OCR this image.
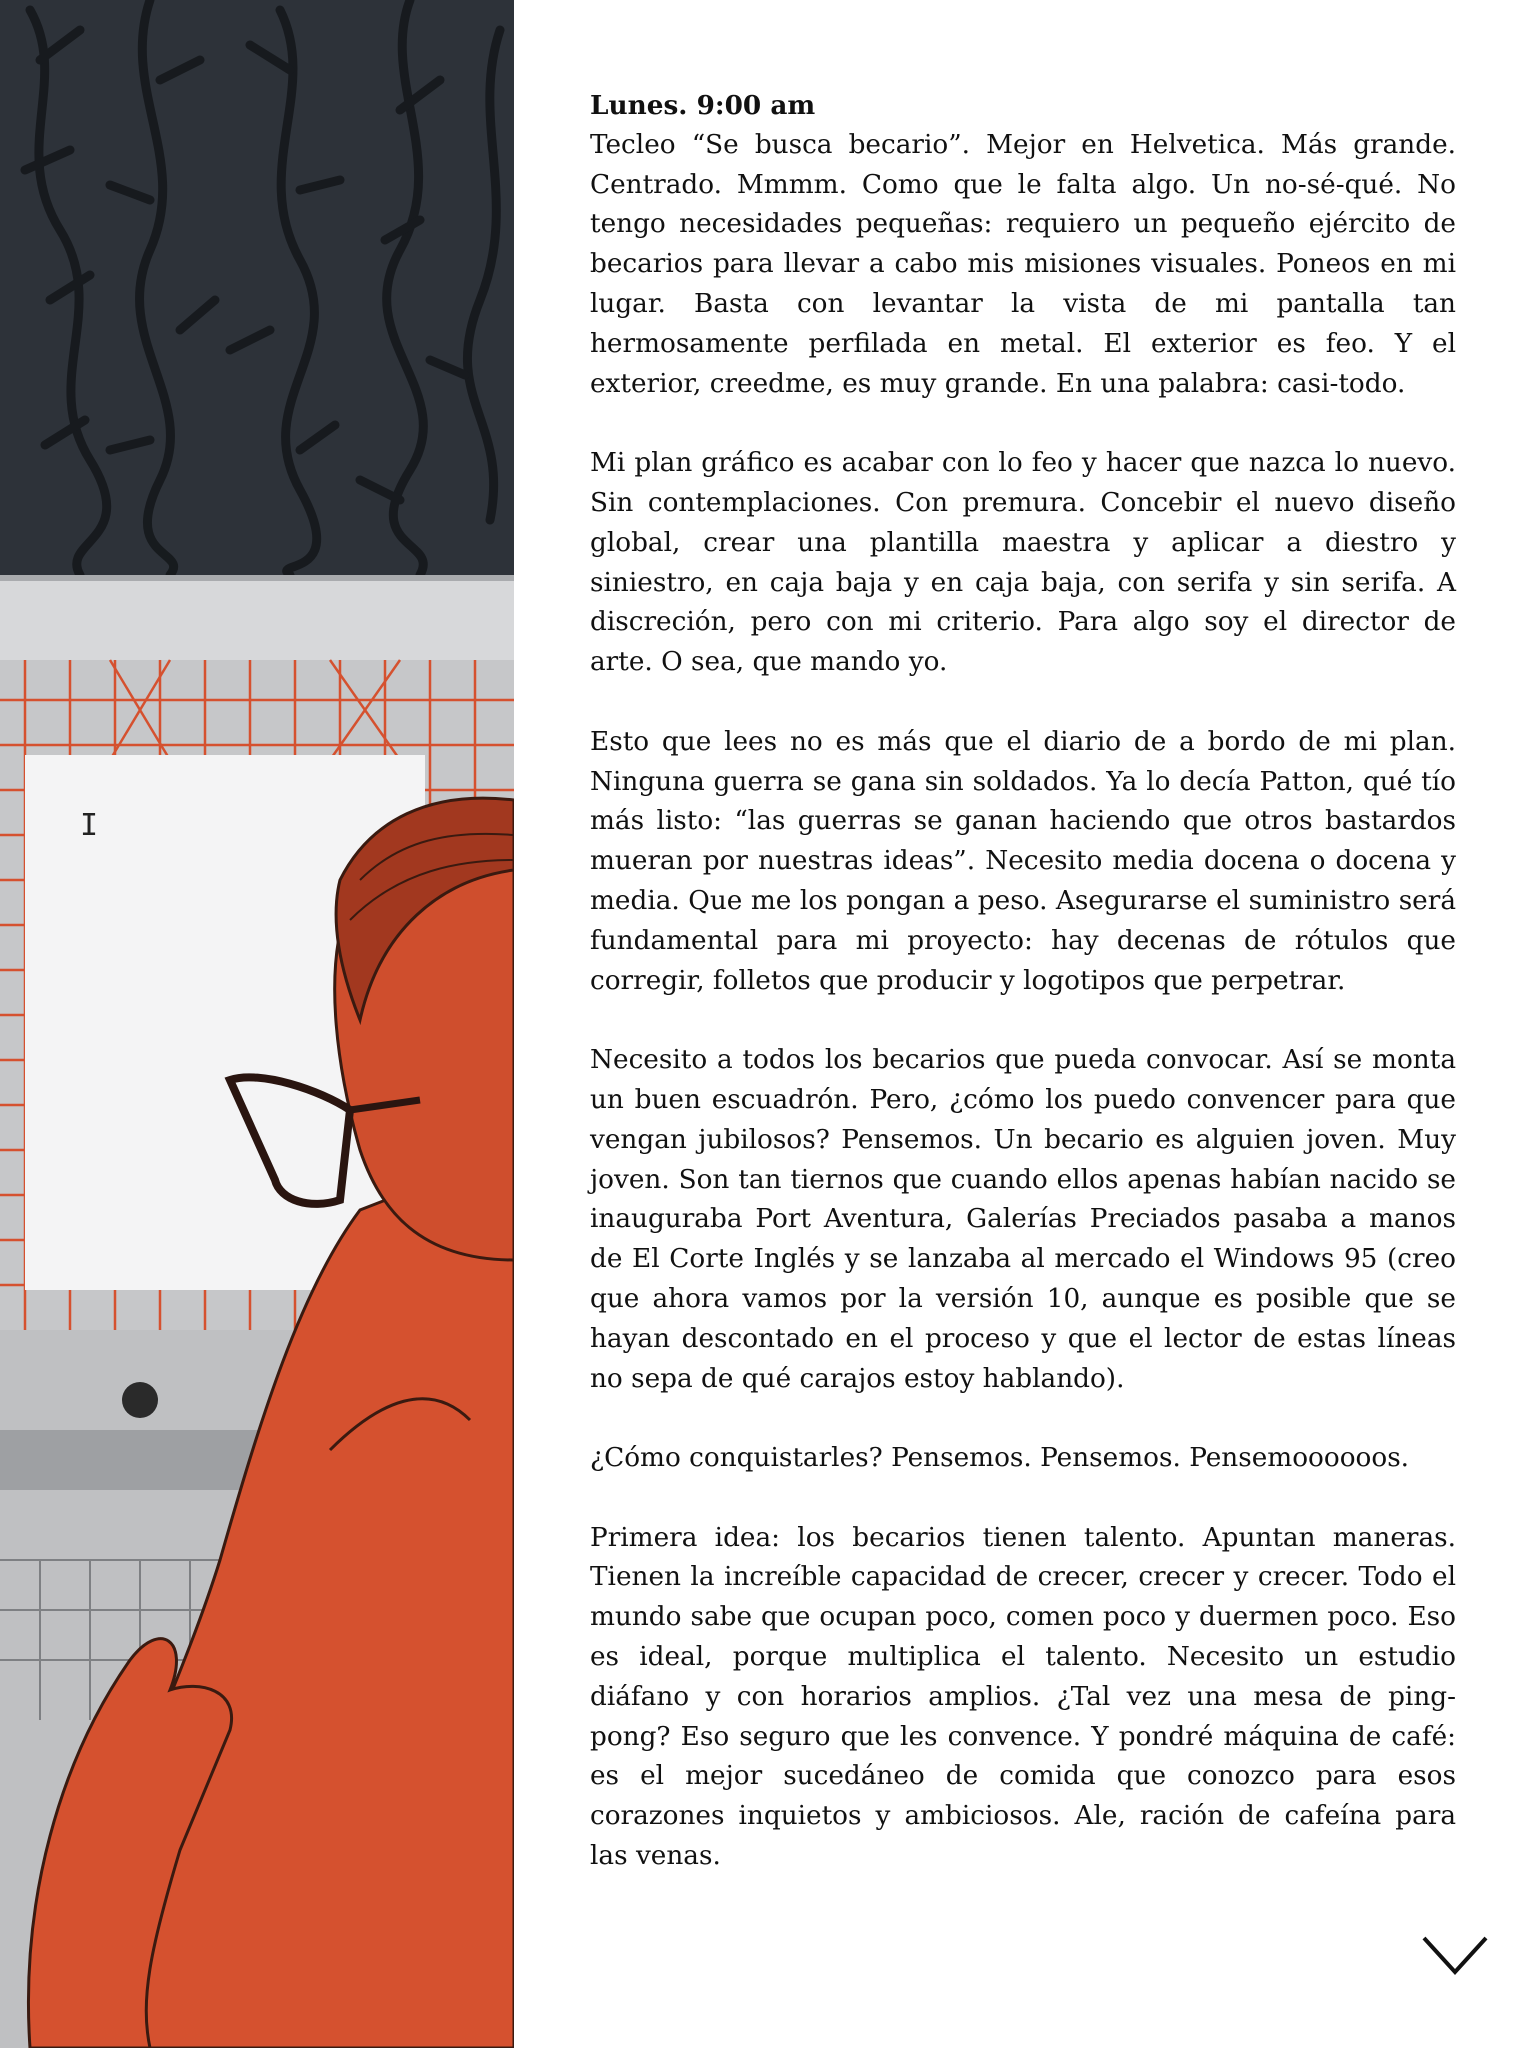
I

Lunes. 9:00 am
Tecleo “Se busca becario”. Mejor en Helvetica. Más grande. Centrado. Mmmm. Como que le falta algo. Un no-sé-qué. No tengo necesidades pequeñas: requiero un pequeño ejército de becarios para llevar a cabo mis misiones visuales. Poneos en mi lugar. Basta con levantar la vista de mi pantalla tan hermosamente perfilada en metal. El exterior es feo. Y el exterior, creedme, es muy grande. En una palabra: casi-todo.

Mi plan gráfico es acabar con lo feo y hacer que nazca lo nuevo. Sin contemplaciones. Con premura. Concebir el nuevo diseño global, crear una plantilla maestra y aplicar a diestro y siniestro, en caja baja y en caja baja, con serifa y sin serifa. A discreción, pero con mi criterio. Para algo soy el director de arte. O sea, que mando yo.

Esto que lees no es más que el diario de a bordo de mi plan. Ninguna guerra se gana sin soldados. Ya lo decía Patton, qué tío más listo: “las guerras se ganan haciendo que otros bastardos mueran por nuestras ideas”. Necesito media docena o docena y media. Que me los pongan a peso. Asegurarse el suministro será fundamental para mi proyecto: hay decenas de rótulos que corregir, folletos que producir y logotipos que perpetrar.

Necesito a todos los becarios que pueda convocar. Así se monta un buen escuadrón. Pero, ¿cómo los puedo convencer para que vengan jubilosos? Pensemos. Un becario es alguien joven. Muy joven. Son tan tiernos que cuando ellos apenas habían nacido se inauguraba Port Aventura, Galerías Preciados pasaba a manos de El Corte Inglés y se lanzaba al mercado el Windows 95 (creo que ahora vamos por la versión 10, aunque es posible que se hayan descontado en el proceso y que el lector de estas líneas no sepa de qué carajos estoy hablando).

¿Cómo conquistarles? Pensemos. Pensemos. Pensemoooooos.

Primera idea: los becarios tienen talento. Apuntan maneras. Tienen la increíble capacidad de crecer, crecer y crecer. Todo el mundo sabe que ocupan poco, comen poco y duermen poco. Eso es ideal, porque multiplica el talento. Necesito un estudio diáfano y con horarios amplios. ¿Tal vez una mesa de ping-pong? Eso seguro que les convence. Y pondré máquina de café: es el mejor sucedáneo de comida que conozco para esos corazones inquietos y ambiciosos. Ale, ración de cafeína para las venas.
